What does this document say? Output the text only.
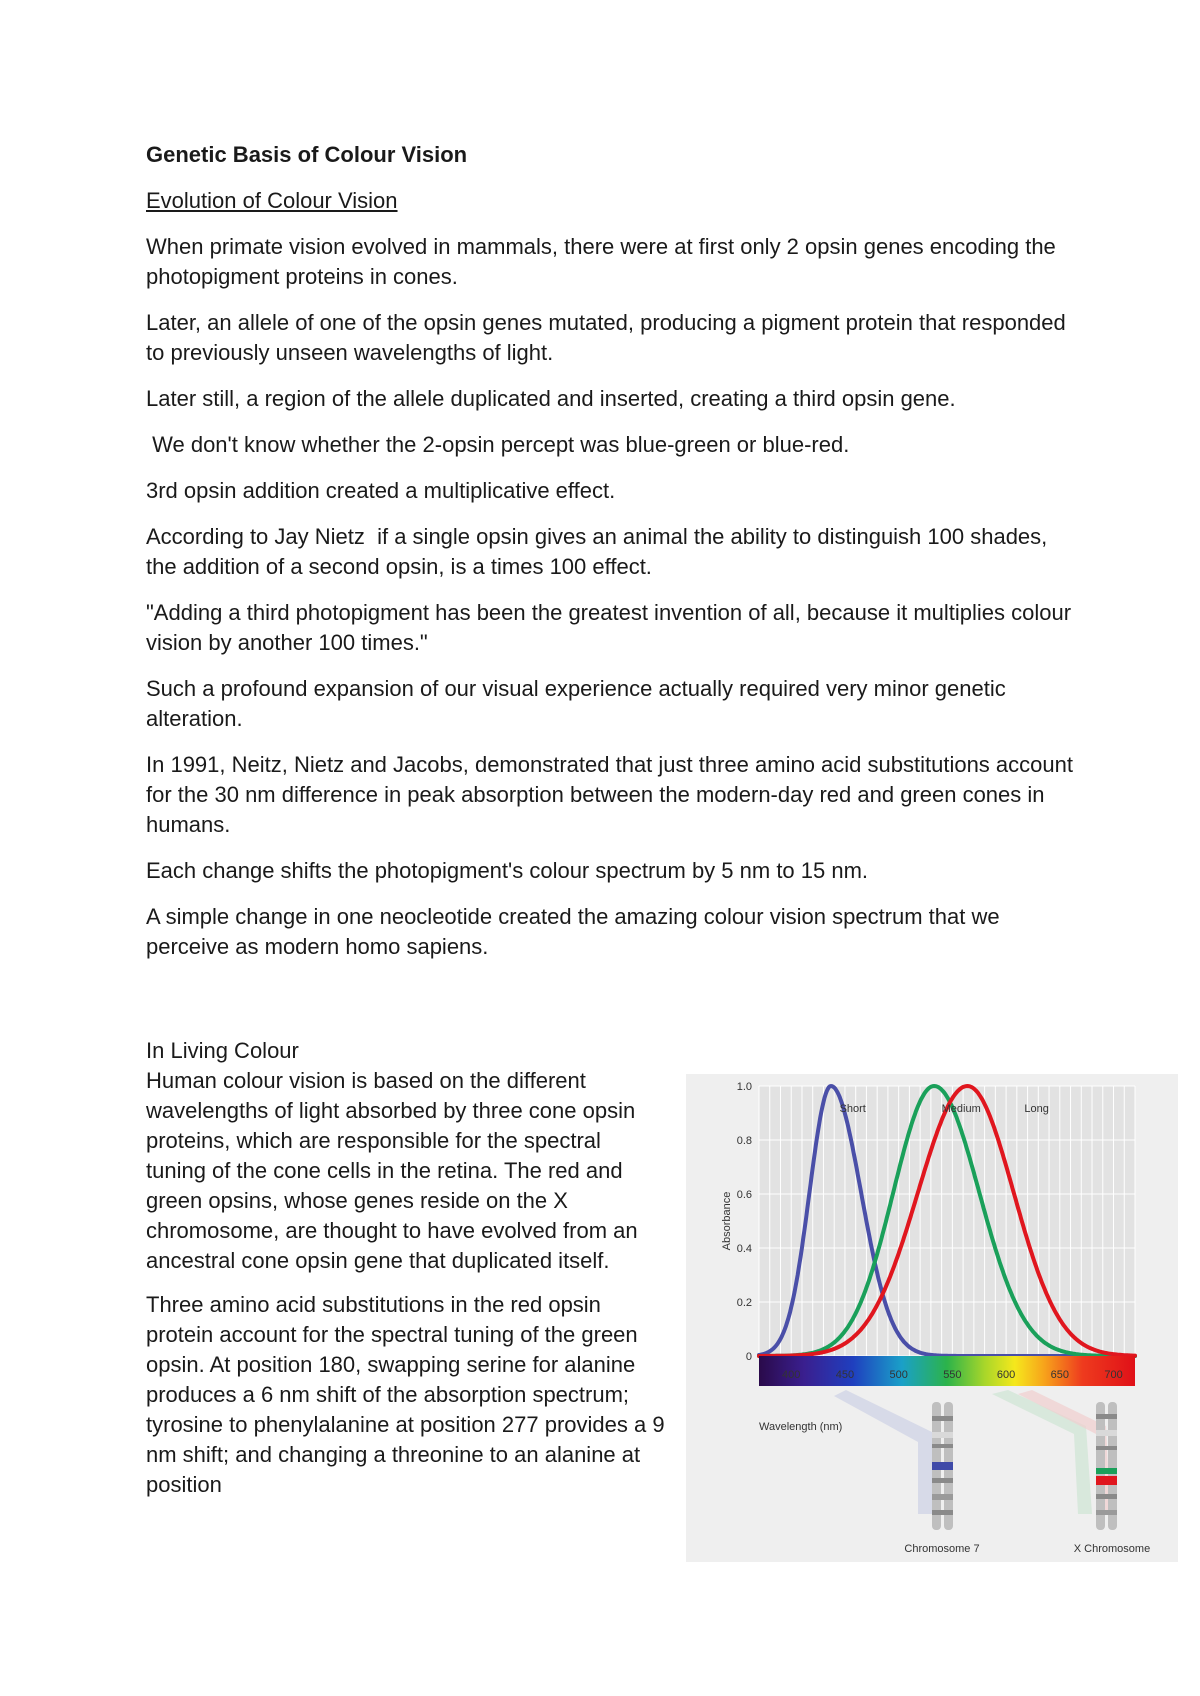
Genetic Basis of Colour Vision

Evolution of Colour Vision

When primate vision evolved in mammals, there were at first only 2 opsin genes encoding the photopigment proteins in cones.

Later, an allele of one of the opsin genes mutated, producing a pigment protein that responded to previously unseen wavelengths of light.

Later still, a region of the allele duplicated and inserted, creating a third opsin gene.

We don't know whether the 2-opsin percept was blue-green or blue-red.

3rd opsin addition created a multiplicative effect.

According to Jay Nietz  if a single opsin gives an animal the ability to distinguish 100 shades, the addition of a second opsin, is a times 100 effect.

"Adding a third photopigment has been the greatest invention of all, because it multiplies colour vision by another 100 times."

Such a profound expansion of our visual experience actually required very minor genetic alteration.

In 1991, Neitz, Nietz and Jacobs, demonstrated that just three amino acid substitutions account for the 30 nm difference in peak absorption between the modern-day red and green cones in humans.

Each change shifts the photopigment's colour spectrum by 5 nm to 15 nm.

A simple change in one neocleotide created the amazing colour vision spectrum that we perceive as modern homo sapiens.

In Living Colour

Human colour vision is based on the different wavelengths of light absorbed by three cone opsin proteins, which are responsible for the spectral tuning of the cone cells in the retina. The red and green opsins, whose genes reside on the X chromosome, are thought to have evolved from an ancestral cone opsin gene that duplicated itself.

Three amino acid substitutions in the red opsin protein account for the spectral tuning of the green opsin. At position 180, swapping serine for alanine produces a 6 nm shift of the absorption spectrum; tyrosine to phenylalanine at position 277 provides a 9 nm shift; and changing a threonine to an alanine at position

400	450	500	550	600	650	700
0
0.2
0.4
0.6
0.8
1.0
Short	Medium	Long
Wavelength (nm)
Absorbance
Chromosome 7	X Chromosome
